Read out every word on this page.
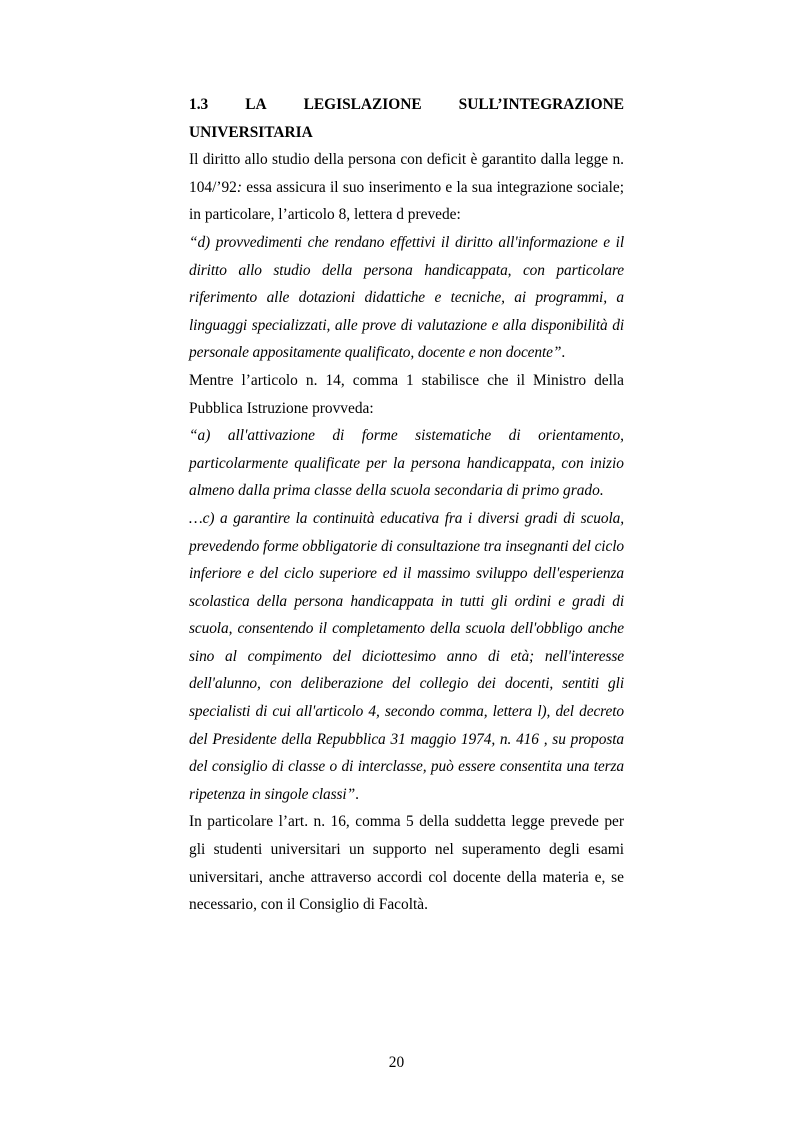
1.3 LA LEGISLAZIONE SULL’INTEGRAZIONE
UNIVERSITARIA

Il diritto allo studio della persona con deficit è garantito dalla legge n. 104/’92: essa assicura il suo inserimento e la sua integrazione sociale; in particolare, l’articolo 8, lettera d prevede:

“d) provvedimenti che rendano effettivi il diritto all'informazione e il diritto allo studio della persona handicappata, con particolare riferimento alle dotazioni didattiche e tecniche, ai programmi, a linguaggi specializzati, alle prove di valutazione e alla disponibilità di personale appositamente qualificato, docente e non docente”.

Mentre l’articolo n. 14, comma 1 stabilisce che il Ministro della Pubblica Istruzione provveda:

“a) all'attivazione di forme sistematiche di orientamento, particolarmente qualificate per la persona handicappata, con inizio almeno dalla prima classe della scuola secondaria di primo grado.

…c) a garantire la continuità educativa fra i diversi gradi di scuola, prevedendo forme obbligatorie di consultazione tra insegnanti del ciclo inferiore e del ciclo superiore ed il massimo sviluppo dell'esperienza scolastica della persona handicappata in tutti gli ordini e gradi di scuola, consentendo il completamento della scuola dell'obbligo anche sino al compimento del diciottesimo anno di età; nell'interesse dell'alunno, con deliberazione del collegio dei docenti, sentiti gli specialisti di cui all'articolo 4, secondo comma, lettera l), del decreto del Presidente della Repubblica 31 maggio 1974, n. 416 , su proposta del consiglio di classe o di interclasse, può essere consentita una terza ripetenza in singole classi”.

In particolare l’art. n. 16, comma 5 della suddetta legge prevede per gli studenti universitari un supporto nel superamento degli esami universitari, anche attraverso accordi col docente della materia e, se necessario, con il Consiglio di Facoltà.

20
